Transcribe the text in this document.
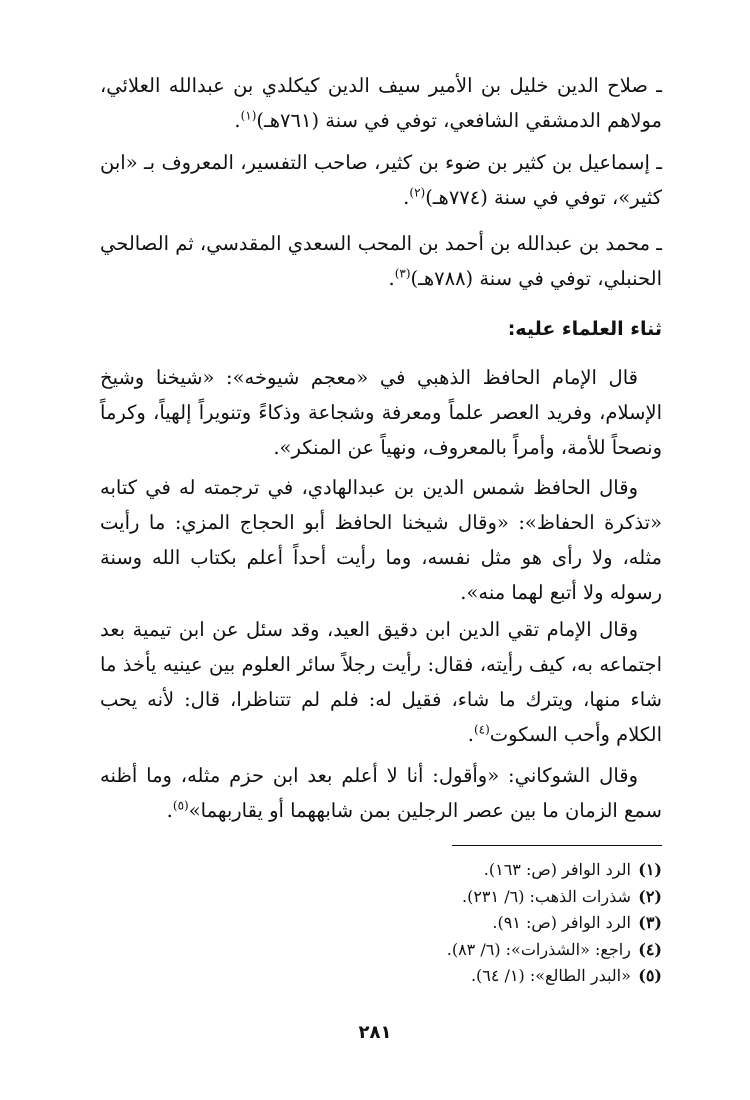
ـ صلاح الدين خليل بن الأمير سيف الدين كيكلدي بن عبدالله العلائي، مولاهم الدمشقي الشافعي، توفي في سنة (٧٦١هـ)$^{(١)}$.

ـ إسماعيل بن كثير بن ضوء بن كثير، صاحب التفسير، المعروف بـ «ابن كثير»، توفي في سنة (٧٧٤هـ)$^{(٢)}$.

ـ محمد بن عبدالله بن أحمد بن المحب السعدي المقدسي، ثم الصالحي الحنبلي، توفي في سنة (٧٨٨هـ)$^{(٣)}$.

ثناء العلماء عليه:

قال الإمام الحافظ الذهبي في «معجم شيوخه»: «شيخنا وشيخ الإسلام، وفريد العصر علماً ومعرفة وشجاعة وذكاءً وتنويراً إلهياً، وكرماً ونصحاً للأمة، وأمراً بالمعروف، ونهياً عن المنكر».

وقال الحافظ شمس الدين بن عبدالهادي، في ترجمته له في كتابه «تذكرة الحفاظ»: «وقال شيخنا الحافظ أبو الحجاج المزي: ما رأيت مثله، ولا رأى هو مثل نفسه، وما رأيت أحداً أعلم بكتاب الله وسنة رسوله ولا أتبع لهما منه».

وقال الإمام تقي الدين ابن دقيق العيد، وقد سئل عن ابن تيمية بعد اجتماعه به، كيف رأيته، فقال: رأيت رجلاً سائر العلوم بين عينيه يأخذ ما شاء منها، ويترك ما شاء، فقيل له: فلم لم تتناظرا، قال: لأنه يحب الكلام وأحب السكوت$^{(٤)}$.

وقال الشوكاني: «وأقول: أنا لا أعلم بعد ابن حزم مثله، وما أظنه سمع الزمان ما بين عصر الرجلين بمن شابههما أو يقاربهما»$^{(٥)}$.

(١) الرد الوافر (ص: ١٦٣).
(٢) شذرات الذهب: (٦/ ٢٣١).
(٣) الرد الوافر (ص: ٩١).
(٤) راجع: «الشذرات»: (٦/ ٨٣).
(٥) «البدر الطالع»: (١/ ٦٤).
٢٨١
